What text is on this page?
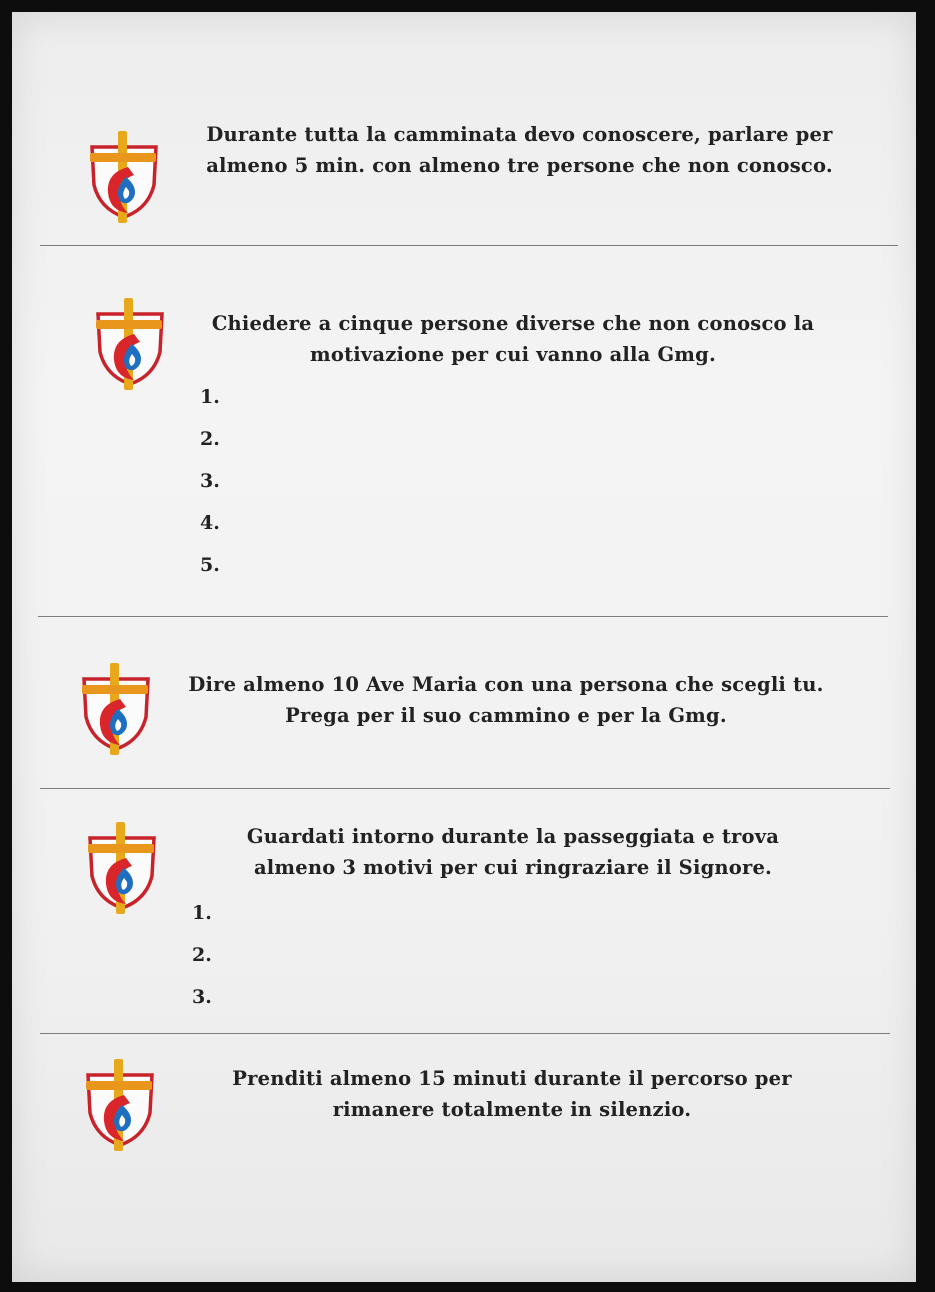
Durante tutta la camminata devo conoscere, parlare per almeno 5 min. con almeno tre persone che non conosco.
Chiedere a cinque persone diverse che non conosco la motivazione per cui vanno alla Gmg.
1.
2.
3.
4.
5.
Dire almeno 10 Ave Maria con una persona che scegli tu. Prega per il suo cammino e per la Gmg.
Guardati intorno durante la passeggiata e trova almeno 3 motivi per cui ringraziare il Signore.
1.
2.
3.
Prenditi almeno 15 minuti durante il percorso per rimanere totalmente in silenzio.
